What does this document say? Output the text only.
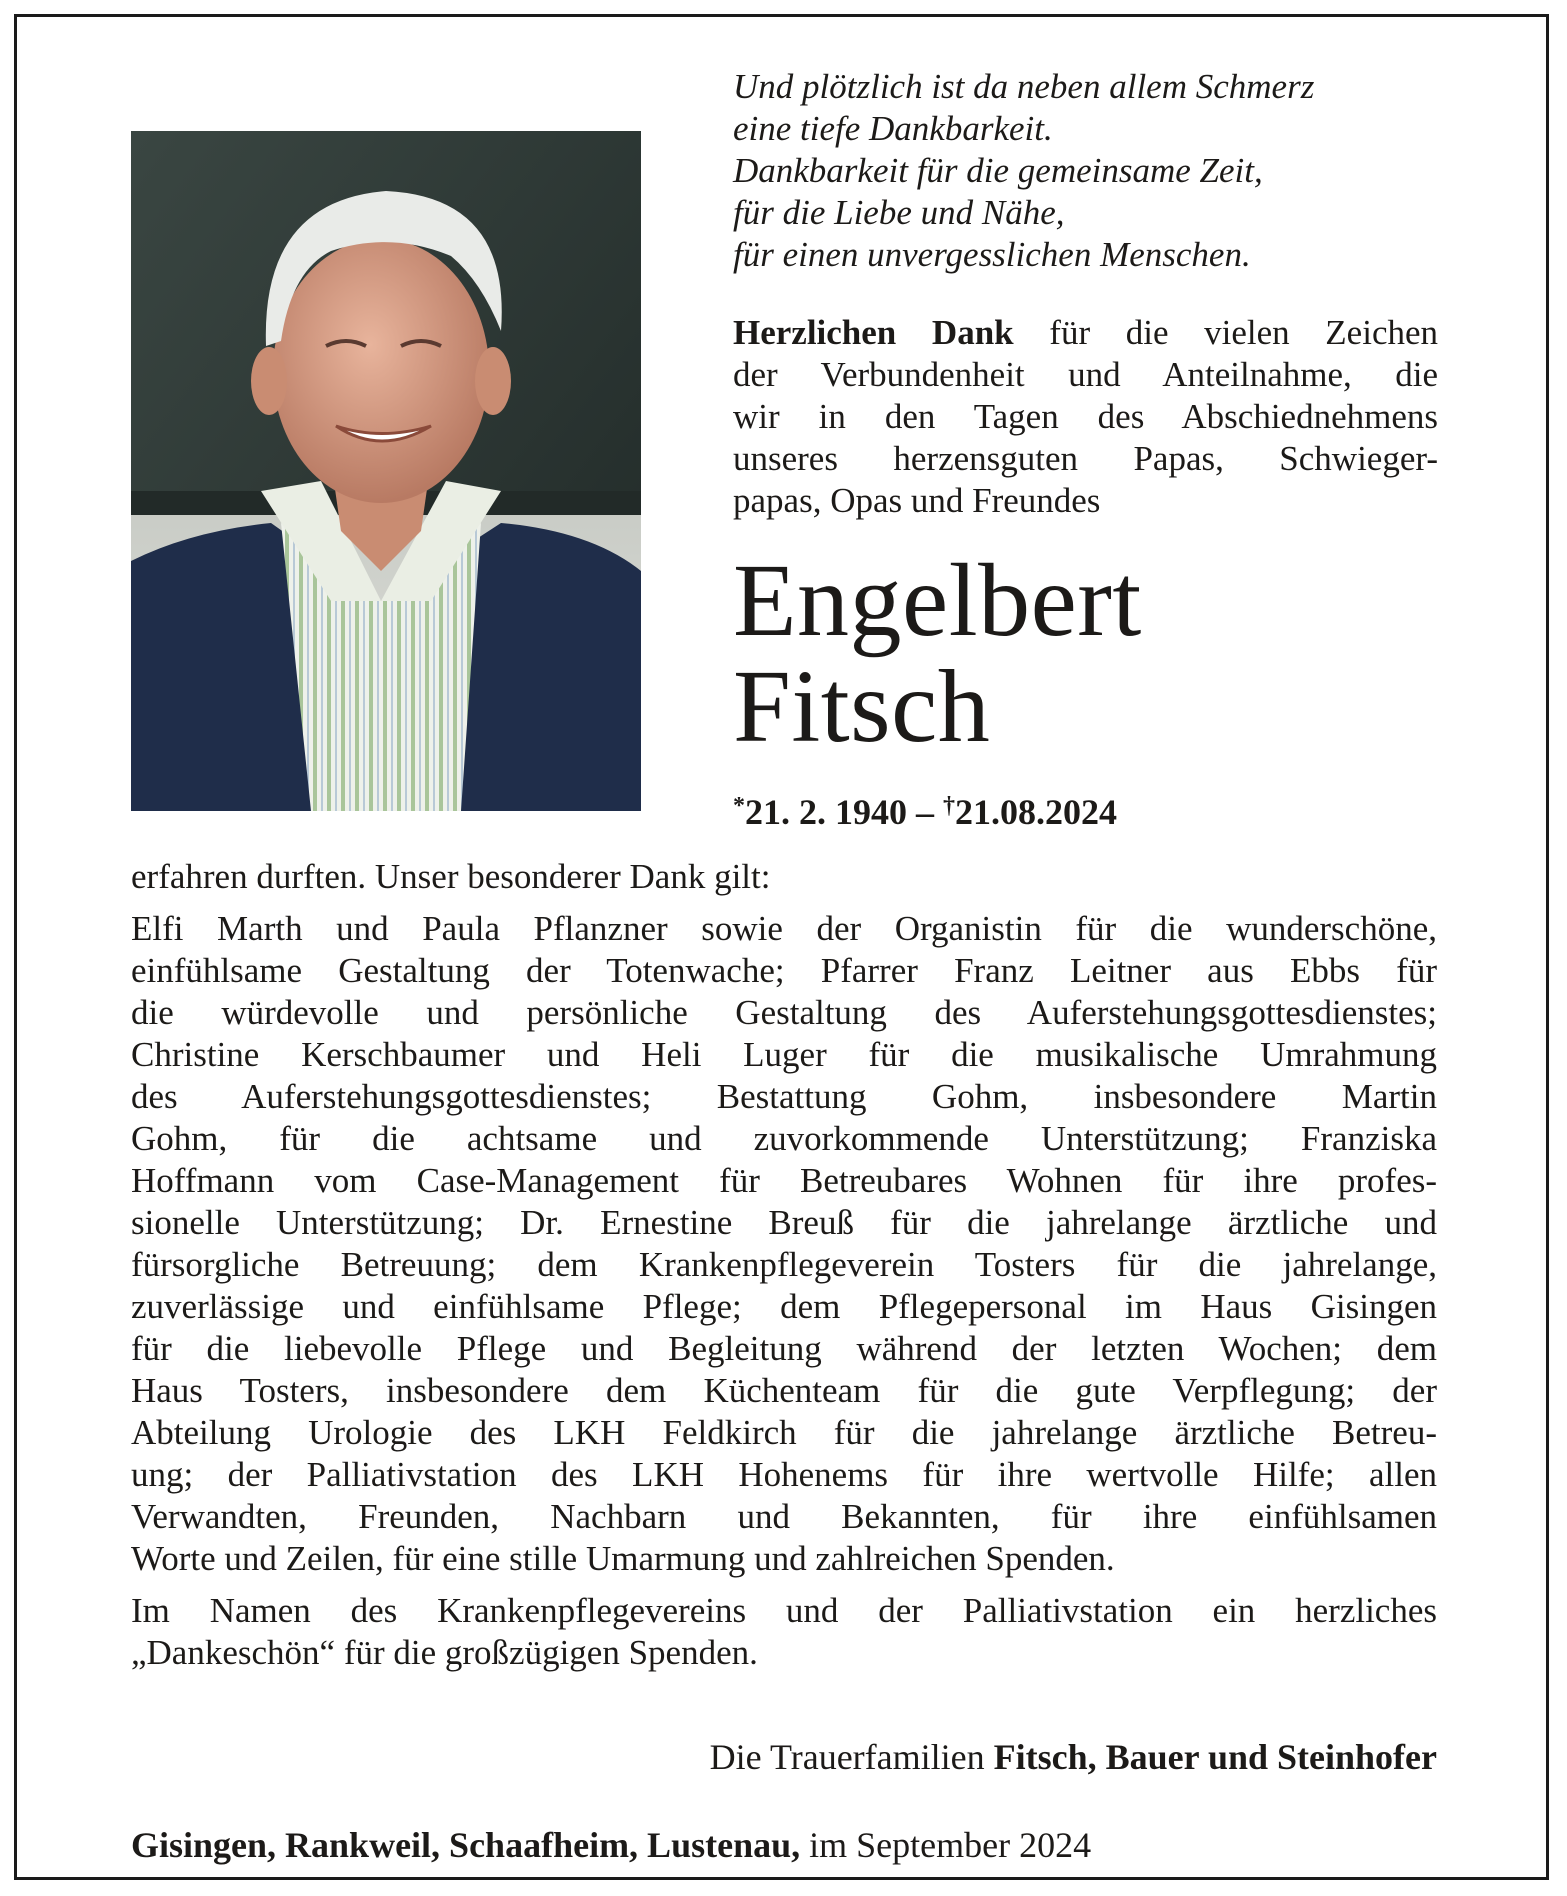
Und plötzlich ist da neben allem Schmerz
eine tiefe Dankbarkeit.
Dankbarkeit für die gemeinsame Zeit,
für die Liebe und Nähe,
für einen unvergesslichen Menschen.
Herzlichen Dank für die vielen Zeichen
der Verbundenheit und Anteilnahme, die
wir in den Tagen des Abschiednehmens
unseres herzensguten Papas, Schwieger-
papas, Opas und Freundes
Engelbert
Fitsch
*21. 2. 1940 – †21.08.2024
erfahren durften. Unser besonderer Dank gilt:
Elfi Marth und Paula Pflanzner sowie der Organistin für die wunderschöne,
einfühlsame Gestaltung der Totenwache; Pfarrer Franz Leitner aus Ebbs für
die würdevolle und persönliche Gestaltung des Auferstehungsgottesdienstes;
Christine Kerschbaumer und Heli Luger für die musikalische Umrahmung
des Auferstehungsgottesdienstes; Bestattung Gohm, insbesondere Martin
Gohm, für die achtsame und zuvorkommende Unterstützung; Franziska
Hoffmann vom Case-Management für Betreubares Wohnen für ihre profes-
sionelle Unterstützung; Dr. Ernestine Breuß für die jahrelange ärztliche und
fürsorgliche Betreuung; dem Krankenpflegeverein Tosters für die jahrelange,
zuverlässige und einfühlsame Pflege; dem Pflegepersonal im Haus Gisingen
für die liebevolle Pflege und Begleitung während der letzten Wochen; dem
Haus Tosters, insbesondere dem Küchenteam für die gute Verpflegung; der
Abteilung Urologie des LKH Feldkirch für die jahrelange ärztliche Betreu-
ung; der Palliativstation des LKH Hohenems für ihre wertvolle Hilfe; allen
Verwandten, Freunden, Nachbarn und Bekannten, für ihre einfühlsamen
Worte und Zeilen, für eine stille Umarmung und zahlreichen Spenden.
Im Namen des Krankenpflegevereins und der Palliativstation ein herzliches
„Dankeschön“ für die großzügigen Spenden.
Die Trauerfamilien Fitsch, Bauer und Steinhofer
Gisingen, Rankweil, Schaafheim, Lustenau, im September 2024
